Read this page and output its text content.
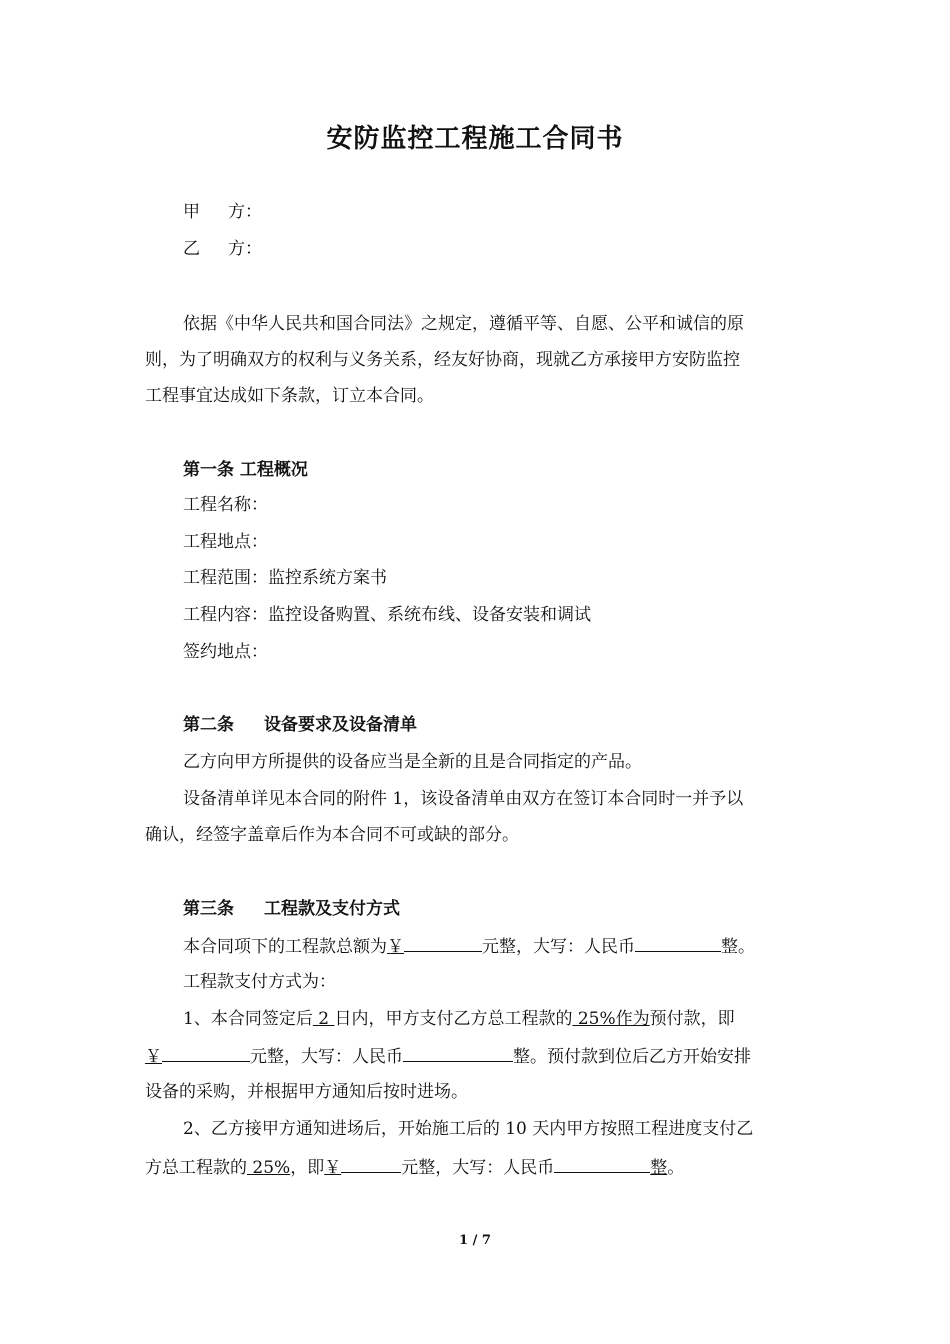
安防监控工程施工合同书
甲 方：
乙 方：
依据《中华人民共和国合同法》之规定，遵循平等、自愿、公平和诚信的原
则，为了明确双方的权利与义务关系，经友好协商，现就乙方承接甲方安防监控
工程事宜达成如下条款，订立本合同。
第一条 工程概况
工程名称：
工程地点：
工程范围：监控系统方案书
工程内容：监控设备购置、系统布线、设备安装和调试
签约地点：
第二条 设备要求及设备清单
乙方向甲方所提供的设备应当是全新的且是合同指定的产品。
设备清单详见本合同的附件 1，该设备清单由双方在签订本合同时一并予以
确认，经签字盖章后作为本合同不可或缺的部分。
第三条 工程款及支付方式
本合同项下的工程款总额为￥	元整，大写：人民币	整。
工程款支付方式为：
1、本合同签定后 2 日内，甲方支付乙方总工程款的 25%作为预付款，即
￥	元整，大写：人民币	整。预付款到位后乙方开始安排
设备的采购，并根据甲方通知后按时进场。
2、乙方接甲方通知进场后，开始施工后的 10 天内甲方按照工程进度支付乙
方总工程款的 25%，即￥	元整，大写：人民币	整。
1 / 7
